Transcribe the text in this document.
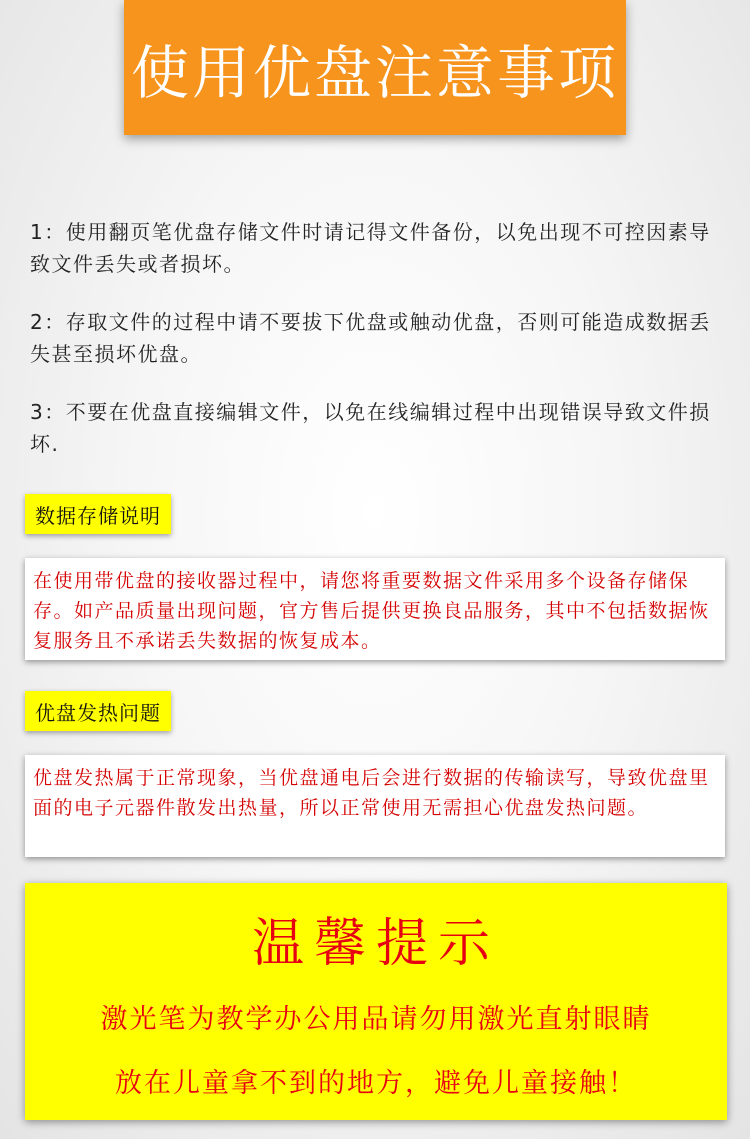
使用优盘注意事项
1：使用翻页笔优盘存储文件时请记得文件备份，以免出现不可控因素导致文件丢失或者损坏。
2：存取文件的过程中请不要拔下优盘或触动优盘，否则可能造成数据丢失甚至损坏优盘。
3：不要在优盘直接编辑文件，以免在线编辑过程中出现错误导致文件损坏.
数据存储说明
在使用带优盘的接收器过程中，请您将重要数据文件采用多个设备存储保存。如产品质量出现问题，官方售后提供更换良品服务，其中不包括数据恢复服务且不承诺丢失数据的恢复成本。
优盘发热问题
优盘发热属于正常现象，当优盘通电后会进行数据的传输读写，导致优盘里面的电子元器件散发出热量，所以正常使用无需担心优盘发热问题。
温馨提示
激光笔为教学办公用品请勿用激光直射眼睛
放在儿童拿不到的地方，避免儿童接触！
